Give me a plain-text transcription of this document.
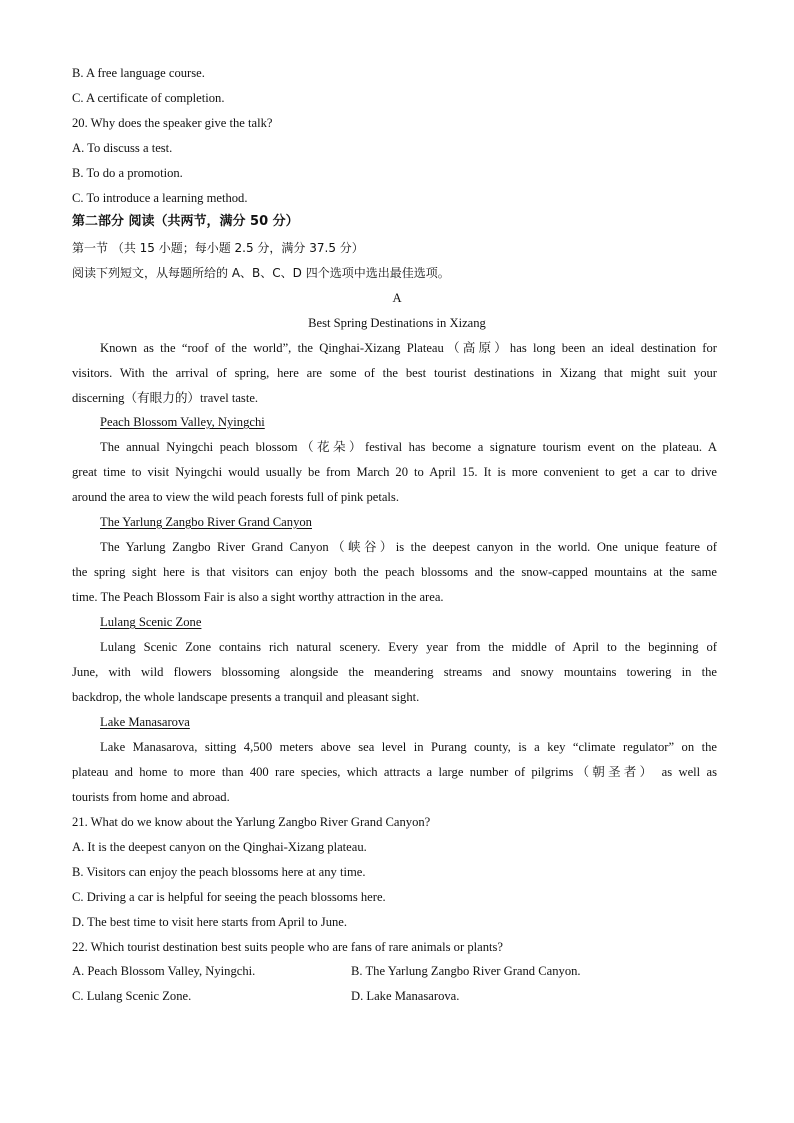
B. A free language course.
C. A certificate of completion.
20. Why does the speaker give the talk?
A. To discuss a test.
B. To do a promotion.
C. To introduce a learning method.
第二部分 阅读（共两节，满分 50 分）
第一节 （共 15 小题；每小题 2.5 分，满分 37.5 分）
阅读下列短文，从每题所给的 A、B、C、D 四个选项中选出最佳选项。
A
Best Spring Destinations in Xizang
Known as the “roof of the world”, the Qinghai-Xizang Plateau（高原）has long been an ideal destination for
visitors. With the arrival of spring, here are some of the best tourist destinations in Xizang that might suit your
discerning（有眼力的）travel taste.
Peach Blossom Valley, Nyingchi
The annual Nyingchi peach blossom（花朵）festival has become a signature tourism event on the plateau. A
great time to visit Nyingchi would usually be from March 20 to April 15. It is more convenient to get a car to drive
around the area to view the wild peach forests full of pink petals.
The Yarlung Zangbo River Grand Canyon
The Yarlung Zangbo River Grand Canyon（峡谷）is the deepest canyon in the world. One unique feature of
the spring sight here is that visitors can enjoy both the peach blossoms and the snow-capped mountains at the same
time. The Peach Blossom Fair is also a sight worthy attraction in the area.
Lulang Scenic Zone
Lulang Scenic Zone contains rich natural scenery. Every year from the middle of April to the beginning of
June, with wild flowers blossoming alongside the meandering streams and snowy mountains towering in the
backdrop, the whole landscape presents a tranquil and pleasant sight.
Lake Manasarova
Lake Manasarova, sitting 4,500 meters above sea level in Purang county, is a key “climate regulator” on the
plateau and home to more than 400 rare species, which attracts a large number of pilgrims（朝圣者） as well as
tourists from home and abroad.
21. What do we know about the Yarlung Zangbo River Grand Canyon?
A. It is the deepest canyon on the Qinghai-Xizang plateau.
B. Visitors can enjoy the peach blossoms here at any time.
C. Driving a car is helpful for seeing the peach blossoms here.
D. The best time to visit here starts from April to June.
22. Which tourist destination best suits people who are fans of rare animals or plants?
A. Peach Blossom Valley, Nyingchi.	B. The Yarlung Zangbo River Grand Canyon.
C. Lulang Scenic Zone.	D. Lake Manasarova.
